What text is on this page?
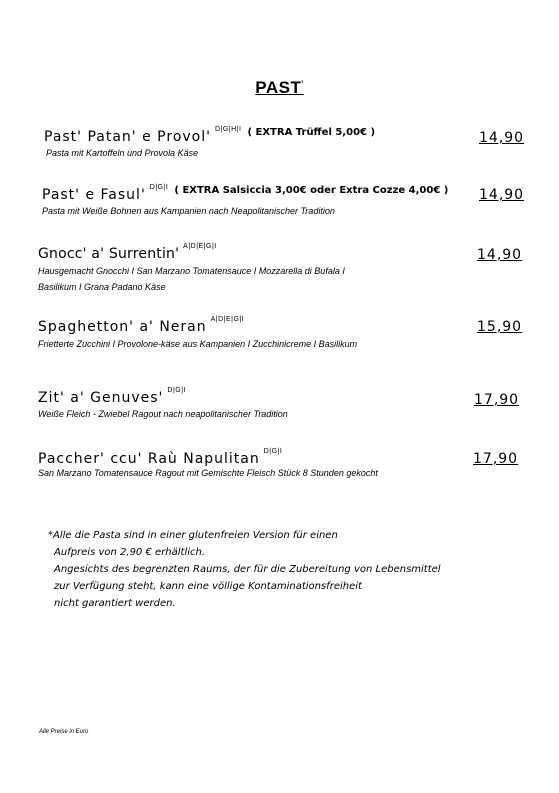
PAST'
Past' Patan' e Provol' $^{D|G|H|I}$ $^{( EXTRA Trüffel 5,00€ )}$
Pasta mit Kartoffeln und Provola Käse
14,90
Past' e Fasul' $^{D|G|I}$ $^{( EXTRA Salsiccia 3,00€ oder Extra Cozze 4,00€ )}$
Pasta mit Weiße Bohnen aus Kampanien nach Neapolitanischer Tradition
14,90
Gnocc' a' Surrentin' $^{A|D|E|G|I}$
Hausgemacht Gnocchi I San Marzano Tomatensauce I Mozzarella di Bufala I Basilikum I Grana Padano Käse
14,90
Spaghetton' a' Neran $^{A|D|E|G|I}$
Frietterte Zucchini I Provolone-käse aus Kampanien I Zucchinicreme I Basilikum
15,90
Zit' a' Genuves' $^{D|G|I}$
Weiße Fleich - Zwiebel Ragout nach neapolitanischer Tradition
17,90
Paccher' ccu' Raù Napulitan $^{D|G|I}$
San Marzano Tomatensauce Ragout mit Gemischte Fleisch Stück 8 Stunden gekocht
17,90
*Alle die Pasta sind in einer glutenfreien Version für einen
Aufpreis von 2,90 € erhältlich.
Angesichts des begrenzten Raums, der für die Zubereitung von Lebensmittel
zur Verfügung steht, kann eine völlige Kontaminationsfreiheit
nicht garantiert werden.
Alle Preise in Euro
